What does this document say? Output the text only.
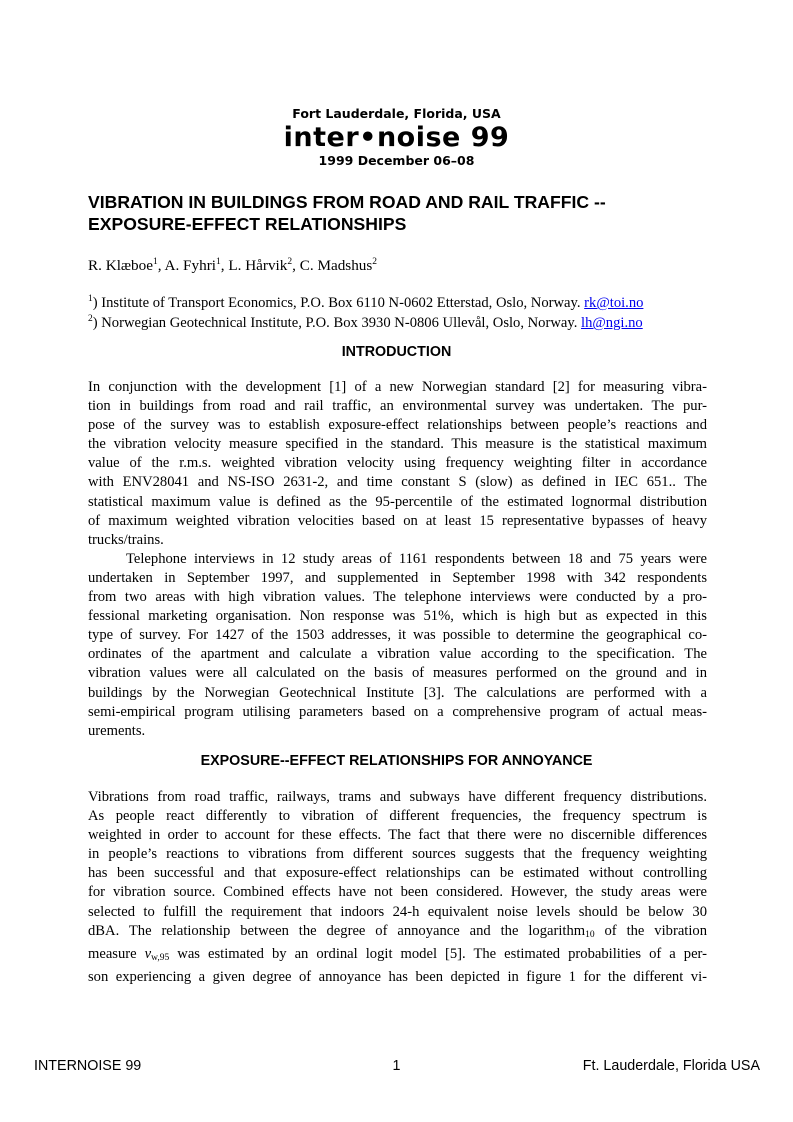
Fort Lauderdale, Florida, USA
inter•noise 99
1999 December 06–08
VIBRATION IN BUILDINGS FROM ROAD AND RAIL TRAFFIC --
EXPOSURE-EFFECT RELATIONSHIPS
R. Klæboe$^1$, A. Fyhri$^1$, L. Hårvik$^2$, C. Madshus$^2$
$^1$) Institute of Transport Economics, P.O. Box 6110 N-0602 Etterstad, Oslo, Norway. rk@toi.no
$^2$) Norwegian Geotechnical Institute, P.O. Box 3930 N-0806 Ullevål, Oslo, Norway. lh@ngi.no
INTRODUCTION
In conjunction with the development [1] of a new Norwegian standard [2] for measuring vibra-
tion in buildings from road and rail traffic, an environmental survey was undertaken. The pur-
pose of the survey was to establish exposure-effect relationships between people’s reactions and
the vibration velocity measure specified in the standard. This measure is the statistical maximum
value of the r.m.s. weighted vibration velocity using frequency weighting filter in accordance
with ENV28041 and NS-ISO 2631-2, and time constant S (slow) as defined in IEC 651.. The
statistical maximum value is defined as the 95-percentile of the estimated lognormal distribution
of maximum weighted vibration velocities based on at least 15 representative bypasses of heavy
trucks/trains.
Telephone interviews in 12 study areas of 1161 respondents between 18 and 75 years were
undertaken in September 1997, and supplemented in September 1998 with 342 respondents
from two areas with high vibration values. The telephone interviews were conducted by a pro-
fessional marketing organisation. Non response was 51%, which is high but as expected in this
type of survey. For 1427 of the 1503 addresses, it was possible to determine the geographical co-
ordinates of the apartment and calculate a vibration value according to the specification. The
vibration values were all calculated on the basis of measures performed on the ground and in
buildings by the Norwegian Geotechnical Institute [3]. The calculations are performed with a
semi-empirical program utilising parameters based on a comprehensive program of actual meas-
urements.
EXPOSURE--EFFECT RELATIONSHIPS FOR ANNOYANCE
Vibrations from road traffic, railways, trams and subways have different frequency distributions.
As people react differently to vibration of different frequencies, the frequency spectrum is
weighted in order to account for these effects. The fact that there were no discernible differences
in people’s reactions to vibrations from different sources suggests that the frequency weighting
has been successful and that exposure-effect relationships can be estimated without controlling
for vibration source. Combined effects have not been considered. However, the study areas were
selected to fulfill the requirement that indoors 24-h equivalent noise levels should be below 30
dBA. The relationship between the degree of annoyance and the logarithm$_{10}$ of the vibration
measure $v_{w,95}$ was estimated by an ordinal logit model [5]. The estimated probabilities of a per-
son experiencing a given degree of annoyance has been depicted in figure 1 for the different vi-
INTERNOISE 99	1	Ft. Lauderdale, Florida USA
